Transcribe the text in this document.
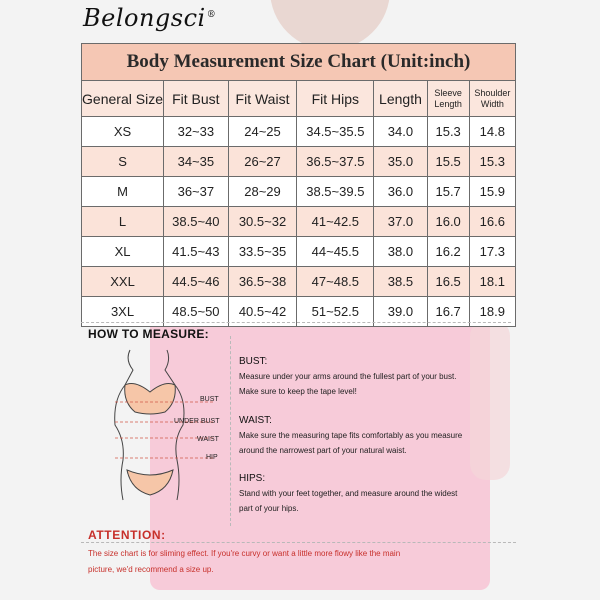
Belongsci®
Body Measurement Size Chart (Unit:inch)						
General Size	Fit Bust	Fit Waist	Fit Hips	Length	Sleeve Length	Shoulder Width
XS	32~33	24~25	34.5~35.5	34.0	15.3	14.8
S	34~35	26~27	36.5~37.5	35.0	15.5	15.3
M	36~37	28~29	38.5~39.5	36.0	15.7	15.9
L	38.5~40	30.5~32	41~42.5	37.0	16.0	16.6
XL	41.5~43	33.5~35	44~45.5	38.0	16.2	17.3
XXL	44.5~46	36.5~38	47~48.5	38.5	16.5	18.1
3XL	48.5~50	40.5~42	51~52.5	39.0	16.7	18.9
HOW TO MEASURE:
BUST
UNDER BUST
WAIST
HIP
BUST:
Measure under your arms around the fullest part of your bust.
Make sure to keep the tape level!
WAIST:
Make sure the measuring tape fits comfortably as you measure
around the narrowest part of your natural waist.
HIPS:
Stand with your feet together, and measure around the widest
part of your hips.
ATTENTION:
The size chart is for sliming effect. If you're curvy or want a little more flowy like the main
picture, we'd recommend a size up.
